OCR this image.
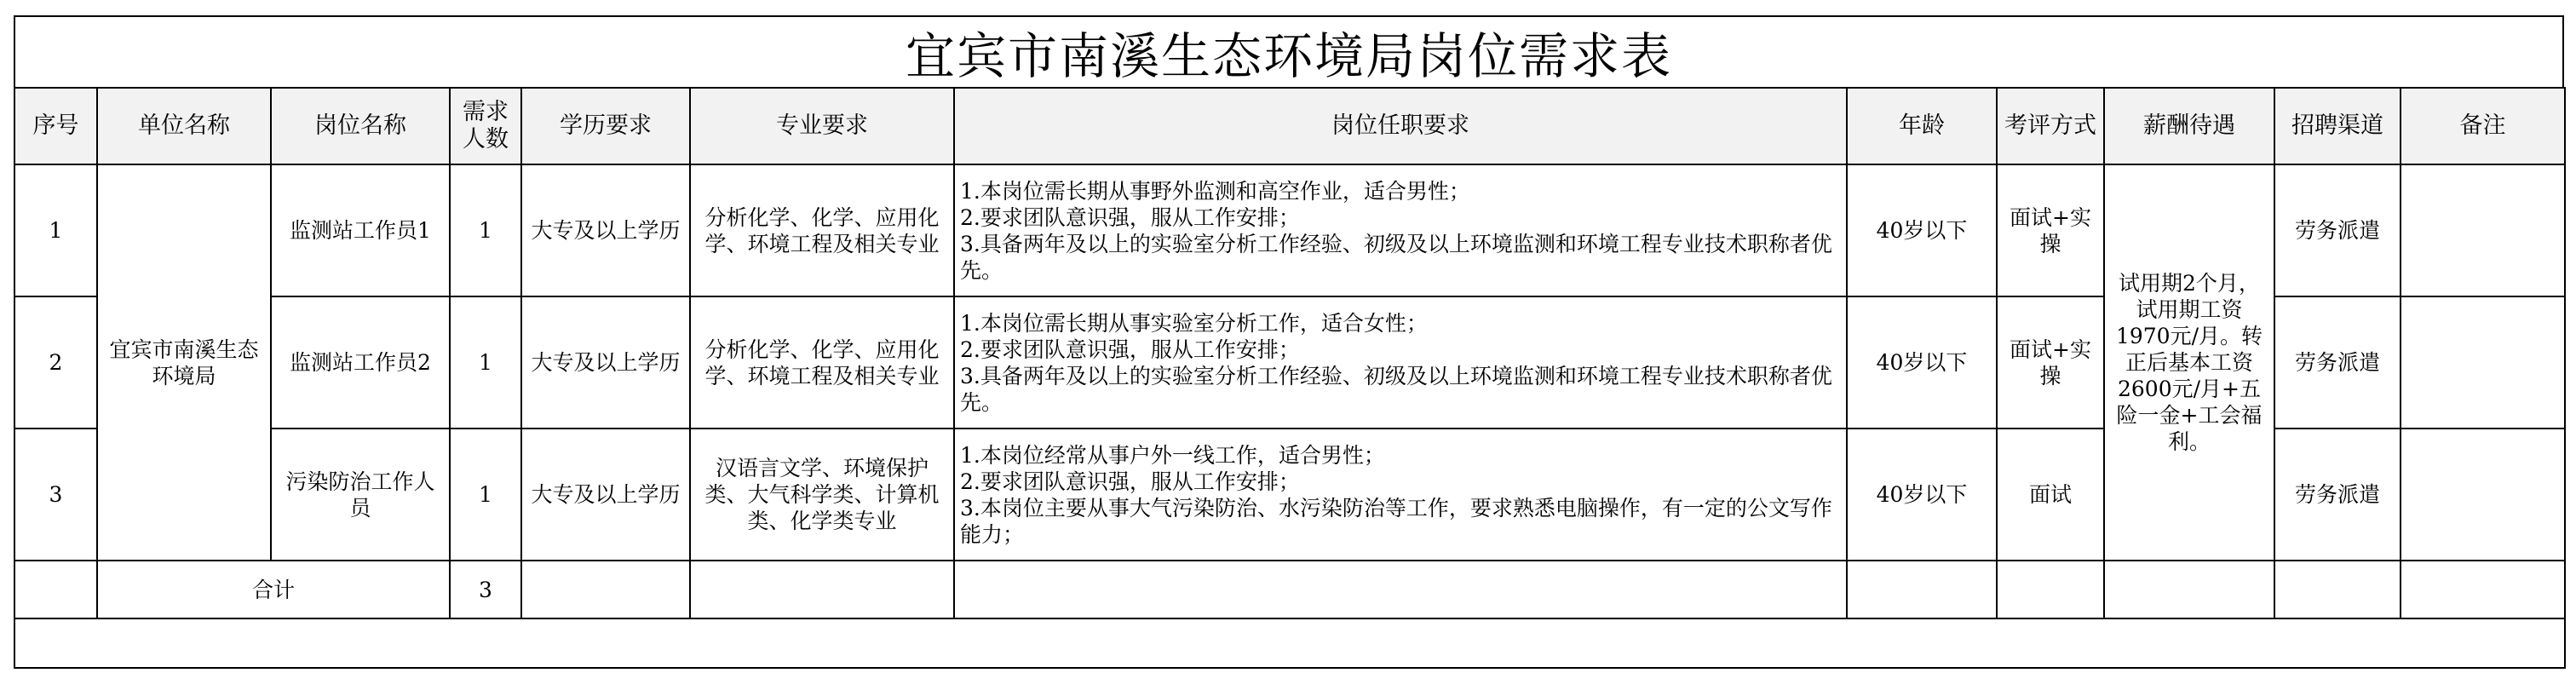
宜宾市南溪生态环境局岗位需求表
序号	单位名称	岗位名称	需求人数	学历要求	专业要求	岗位任职要求	年龄	考评方式	薪酬待遇	招聘渠道	备注
1	宜宾市南溪生态环境局	监测站工作员1	1	大专及以上学历	分析化学、化学、应用化学、环境工程及相关专业	1.本岗位需长期从事野外监测和高空作业，适合男性；
2.要求团队意识强，服从工作安排；
3.具备两年及以上的实验室分析工作经验、初级及以上环境监测和环境工程专业技术职称者优先。	40岁以下	面试+实操	试用期2个月，试用期工资1970元/月。转正后基本工资2600元/月+五险一金+工会福利。	劳务派遣	
2		监测站工作员2	1	大专及以上学历	分析化学、化学、应用化学、环境工程及相关专业	1.本岗位需长期从事实验室分析工作，适合女性；
2.要求团队意识强，服从工作安排；
3.具备两年及以上的实验室分析工作经验、初级及以上环境监测和环境工程专业技术职称者优先。	40岁以下	面试+实操		劳务派遣	
3		污染防治工作人员	1	大专及以上学历	汉语言文学、环境保护类、大气科学类、计算机类、化学类专业	1.本岗位经常从事户外一线工作，适合男性；
2.要求团队意识强，服从工作安排；
3.本岗位主要从事大气污染防治、水污染防治等工作，要求熟悉电脑操作，有一定的公文写作能力；	40岁以下	面试		劳务派遣	
	合计		3								
